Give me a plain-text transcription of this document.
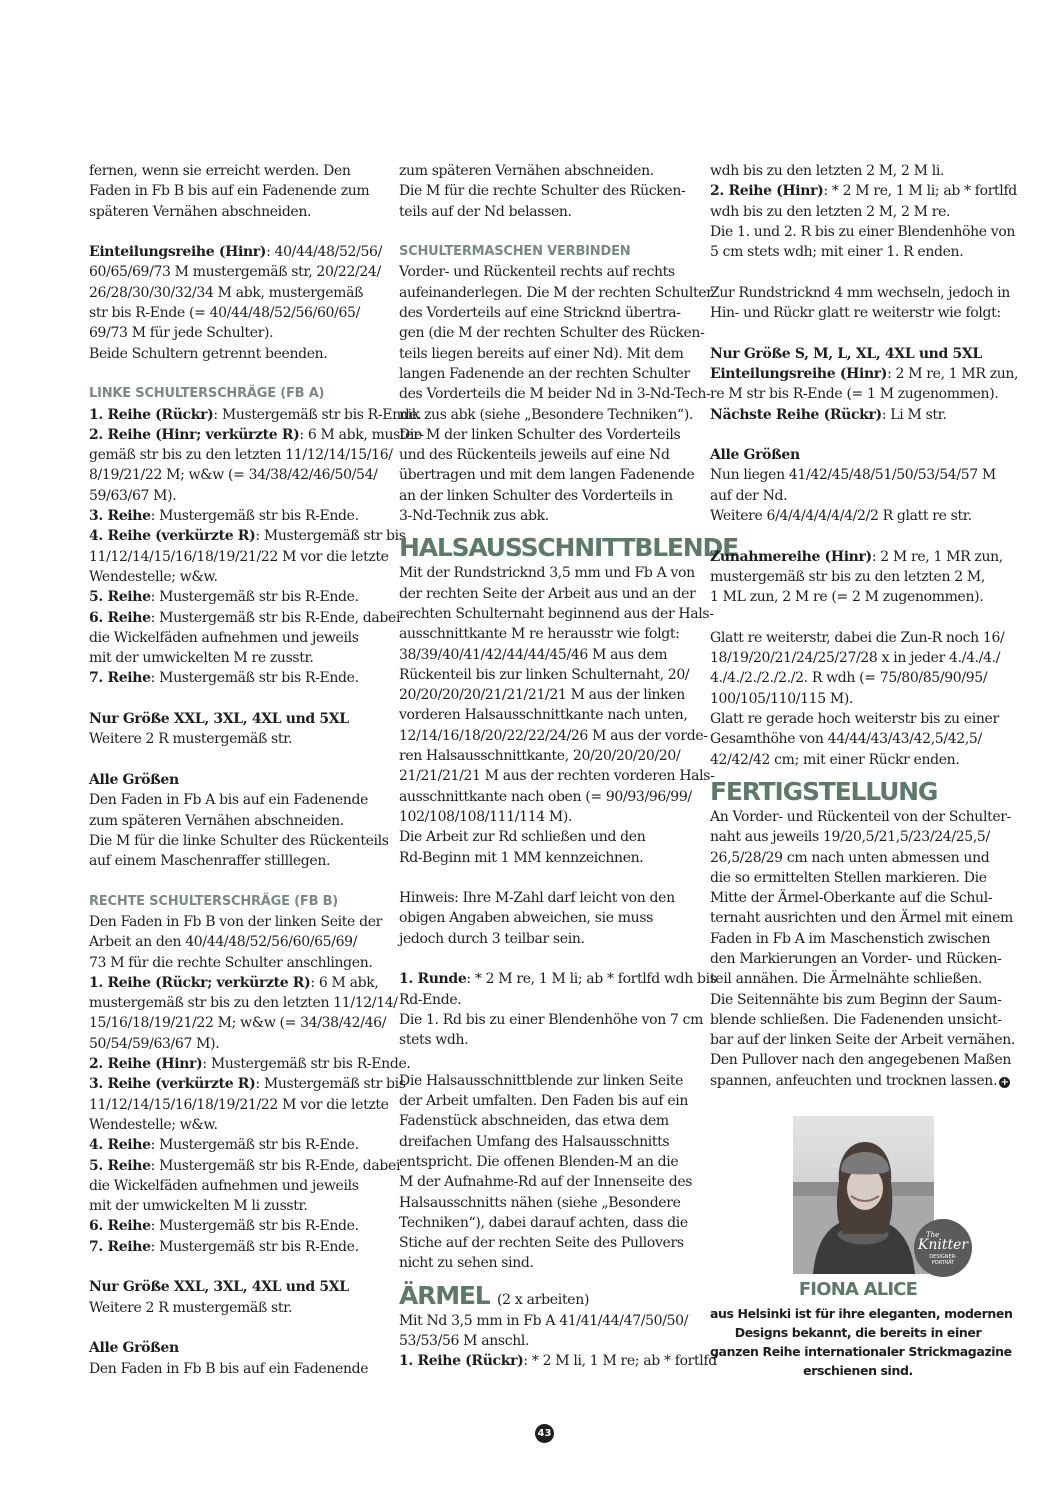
fernen, wenn sie erreicht werden. Den
Faden in Fb B bis auf ein Fadenende zum
späteren Vernähen abschneiden.
Einteilungsreihe (Hinr): 40/44/48/52/56/
60/65/69/73 M mustergemäß str, 20/22/24/
26/28/30/30/32/34 M abk, mustergemäß
str bis R-Ende (= 40/44/48/52/56/60/65/
69/73 M für jede Schulter).
Beide Schultern getrennt beenden.
LINKE SCHULTERSCHRÄGE (FB A)
1. Reihe (Rückr): Mustergemäß str bis R-Ende.
2. Reihe (Hinr; verkürzte R): 6 M abk, muster-
gemäß str bis zu den letzten 11/12/14/15/16/
8/19/21/22 M; w&w (= 34/38/42/46/50/54/
59/63/67 M).
3. Reihe: Mustergemäß str bis R-Ende.
4. Reihe (verkürzte R): Mustergemäß str bis
11/12/14/15/16/18/19/21/22 M vor die letzte
Wendestelle; w&w.
5. Reihe: Mustergemäß str bis R-Ende.
6. Reihe: Mustergemäß str bis R-Ende, dabei
die Wickelfäden aufnehmen und jeweils
mit der umwickelten M re zusstr.
7. Reihe: Mustergemäß str bis R-Ende.
Nur Größe XXL, 3XL, 4XL und 5XL
Weitere 2 R mustergemäß str.
Alle Größen
Den Faden in Fb A bis auf ein Fadenende
zum späteren Vernähen abschneiden.
Die M für die linke Schulter des Rückenteils
auf einem Maschenraffer stilllegen.
RECHTE SCHULTERSCHRÄGE (FB B)
Den Faden in Fb B von der linken Seite der
Arbeit an den 40/44/48/52/56/60/65/69/
73 M für die rechte Schulter anschlingen.
1. Reihe (Rückr; verkürzte R): 6 M abk,
mustergemäß str bis zu den letzten 11/12/14/
15/16/18/19/21/22 M; w&w (= 34/38/42/46/
50/54/59/63/67 M).
2. Reihe (Hinr): Mustergemäß str bis R-Ende.
3. Reihe (verkürzte R): Mustergemäß str bis
11/12/14/15/16/18/19/21/22 M vor die letzte
Wendestelle; w&w.
4. Reihe: Mustergemäß str bis R-Ende.
5. Reihe: Mustergemäß str bis R-Ende, dabei
die Wickelfäden aufnehmen und jeweils
mit der umwickelten M li zusstr.
6. Reihe: Mustergemäß str bis R-Ende.
7. Reihe: Mustergemäß str bis R-Ende.
Nur Größe XXL, 3XL, 4XL und 5XL
Weitere 2 R mustergemäß str.
Alle Größen
Den Faden in Fb B bis auf ein Fadenende
zum späteren Vernähen abschneiden.
Die M für die rechte Schulter des Rücken-
teils auf der Nd belassen.
SCHULTERMASCHEN VERBINDEN
Vorder- und Rückenteil rechts auf rechts
aufeinanderlegen. Die M der rechten Schulter
des Vorderteils auf eine Stricknd übertra-
gen (die M der rechten Schulter des Rücken-
teils liegen bereits auf einer Nd). Mit dem
langen Fadenende an der rechten Schulter
des Vorderteils die M beider Nd in 3-Nd-Tech-
nik zus abk (siehe „Besondere Techniken“).
Die M der linken Schulter des Vorderteils
und des Rückenteils jeweils auf eine Nd
übertragen und mit dem langen Fadenende
an der linken Schulter des Vorderteils in
3-Nd-Technik zus abk.
HALSAUSSCHNITTBLENDE
Mit der Rundstricknd 3,5 mm und Fb A von
der rechten Seite der Arbeit aus und an der
rechten Schulternaht beginnend aus der Hals-
ausschnittkante M re herausstr wie folgt:
38/39/40/41/42/44/44/45/46 M aus dem
Rückenteil bis zur linken Schulternaht, 20/
20/20/20/20/21/21/21/21 M aus der linken
vorderen Halsausschnittkante nach unten,
12/14/16/18/20/22/22/24/26 M aus der vorde-
ren Halsausschnittkante, 20/20/20/20/20/
21/21/21/21 M aus der rechten vorderen Hals-
ausschnittkante nach oben (= 90/93/96/99/
102/108/108/111/114 M).
Die Arbeit zur Rd schließen und den
Rd-Beginn mit 1 MM kennzeichnen.
Hinweis: Ihre M-Zahl darf leicht von den
obigen Angaben abweichen, sie muss
jedoch durch 3 teilbar sein.
1. Runde: * 2 M re, 1 M li; ab * fortlfd wdh bis
Rd-Ende.
Die 1. Rd bis zu einer Blendenhöhe von 7 cm
stets wdh.
Die Halsausschnittblende zur linken Seite
der Arbeit umfalten. Den Faden bis auf ein
Fadenstück abschneiden, das etwa dem
dreifachen Umfang des Halsausschnitts
entspricht. Die offenen Blenden-M an die
M der Aufnahme-Rd auf der Innenseite des
Halsausschnitts nähen (siehe „Besondere
Techniken“), dabei darauf achten, dass die
Stiche auf der rechten Seite des Pullovers
nicht zu sehen sind.
ÄRMEL (2 x arbeiten)
Mit Nd 3,5 mm in Fb A 41/41/44/47/50/50/
53/53/56 M anschl.
1. Reihe (Rückr): * 2 M li, 1 M re; ab * fortlfd
wdh bis zu den letzten 2 M, 2 M li.
2. Reihe (Hinr): * 2 M re, 1 M li; ab * fortlfd
wdh bis zu den letzten 2 M, 2 M re.
Die 1. und 2. R bis zu einer Blendenhöhe von
5 cm stets wdh; mit einer 1. R enden.
Zur Rundstricknd 4 mm wechseln, jedoch in
Hin- und Rückr glatt re weiterstr wie folgt:
Nur Größe S, M, L, XL, 4XL und 5XL
Einteilungsreihe (Hinr): 2 M re, 1 MR zun,
re M str bis R-Ende (= 1 M zugenommen).
Nächste Reihe (Rückr): Li M str.
Alle Größen
Nun liegen 41/42/45/48/51/50/53/54/57 M
auf der Nd.
Weitere 6/4/4/4/4/4/4/2/2 R glatt re str.
Zunahmereihe (Hinr): 2 M re, 1 MR zun,
mustergemäß str bis zu den letzten 2 M,
1 ML zun, 2 M re (= 2 M zugenommen).
Glatt re weiterstr, dabei die Zun-R noch 16/
18/19/20/21/24/25/27/28 x in jeder 4./4./4./
4./4./2./2./2./2. R wdh (= 75/80/85/90/95/
100/105/110/115 M).
Glatt re gerade hoch weiterstr bis zu einer
Gesamthöhe von 44/44/43/43/42,5/42,5/
42/42/42 cm; mit einer Rückr enden.
FERTIGSTELLUNG
An Vorder- und Rückenteil von der Schulter-
naht aus jeweils 19/20,5/21,5/23/24/25,5/
26,5/28/29 cm nach unten abmessen und
die so ermittelten Stellen markieren. Die
Mitte der Ärmel-Oberkante auf die Schul-
ternaht ausrichten und den Ärmel mit einem
Faden in Fb A im Maschenstich zwischen
den Markierungen an Vorder- und Rücken-
teil annähen. Die Ärmelnähte schließen.
Die Seitennähte bis zum Beginn der Saum-
blende schließen. Die Fadenenden unsicht-
bar auf der linken Seite der Arbeit vernähen.
Den Pullover nach den angegebenen Maßen
spannen, anfeuchten und trocknen lassen. +
The
Knitter
DESIGNER-
PORTRÄT
FIONA ALICE
aus Helsinki ist für ihre eleganten, modernen
Designs bekannt, die bereits in einer
ganzen Reihe internationaler Strickmagazine
erschienen sind.
43
